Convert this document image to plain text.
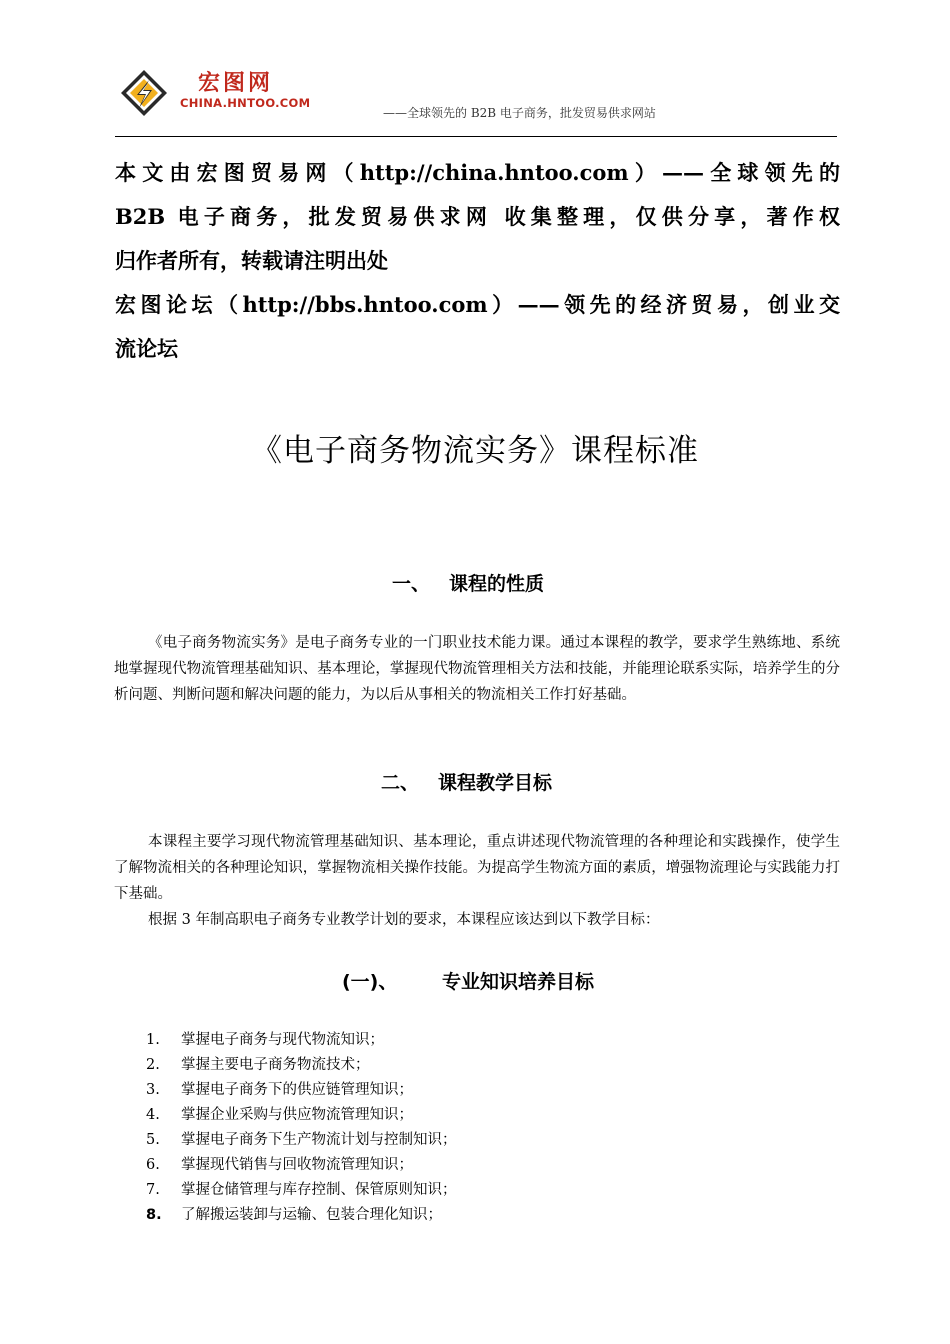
宏图网
CHINA.HNTOO.COM
——全球领先的 B2B 电子商务，批发贸易供求网站

本文由宏图贸易网（http://china.hntoo.com）——全球领先的

B2B 电子商务，批发贸易供求网 收集整理，仅供分享，著作权

归作者所有，转载请注明出处

宏图论坛（http://bbs.hntoo.com）——领先的经济贸易，创业交

流论坛

《电子商务物流实务》课程标准
一、 课程的性质

《电子商务物流实务》是电子商务专业的一门职业技术能力课。通过本课程的教学，要求学生熟练地、系统地掌握现代物流管理基础知识、基本理论，掌握现代物流管理相关方法和技能，并能理论联系实际，培养学生的分析问题、判断问题和解决问题的能力，为以后从事相关的物流相关工作打好基础。

二、 课程教学目标

本课程主要学习现代物流管理基础知识、基本理论，重点讲述现代物流管理的各种理论和实践操作，使学生了解物流相关的各种理论知识，掌握物流相关操作技能。为提高学生物流方面的素质，增强物流理论与实践能力打下基础。

根据 3 年制高职电子商务专业教学计划的要求，本课程应该达到以下教学目标：

(一)、 专业知识培养目标
1. 掌握电子商务与现代物流知识；
2. 掌握主要电子商务物流技术；
3. 掌握电子商务下的供应链管理知识；
4. 掌握企业采购与供应物流管理知识；
5. 掌握电子商务下生产物流计划与控制知识；
6. 掌握现代销售与回收物流管理知识；
7. 掌握仓储管理与库存控制、保管原则知识；
8. 了解搬运装卸与运输、包装合理化知识；
